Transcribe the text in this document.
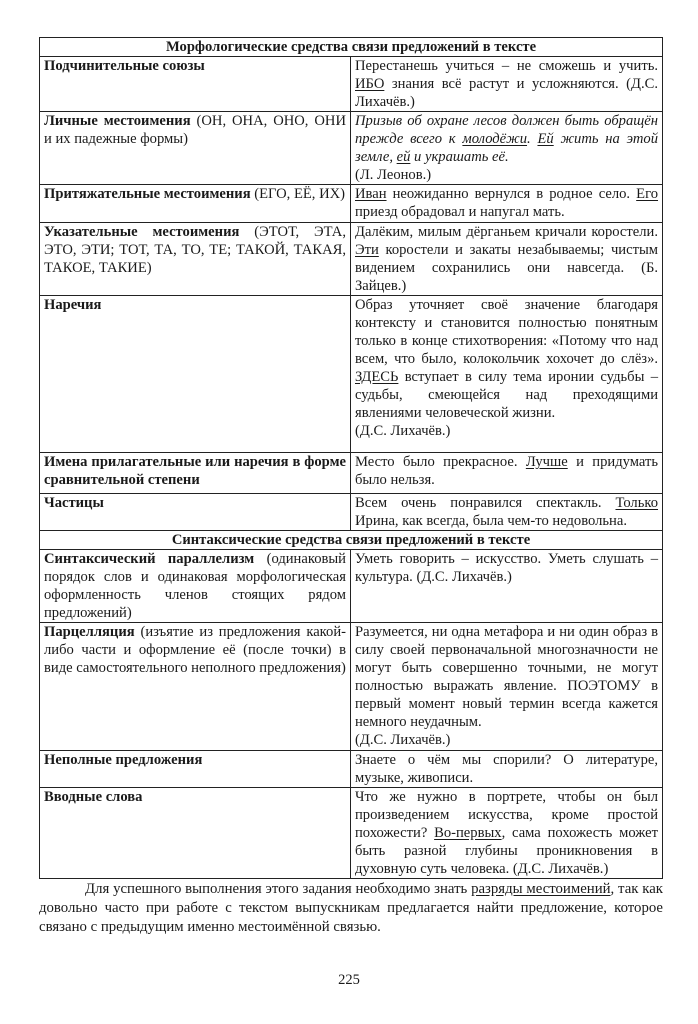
Морфологические средства связи предложений в тексте	
Подчинительные союзы	Перестанешь учиться – не сможешь и учить. ИБО знания всё растут и усложняются. (Д.С. Лихачёв.)
Личные местоимения (ОН, ОНА, ОНО, ОНИ и их падежные формы)	Призыв об охране лесов должен быть обращён прежде всего к молодёжи. Ей жить на этой земле, ей и украшать её.
(Л. Леонов.)
Притяжательные местоимения (ЕГО, ЕЁ, ИХ)	Иван неожиданно вернулся в родное село. Его приезд обрадовал и напугал мать.
Указательные местоимения (ЭТОТ, ЭТА, ЭТО, ЭТИ; ТОТ, ТА, ТО, ТЕ; ТАКОЙ, ТАКАЯ, ТАКОЕ, ТАКИЕ)	Далёким, милым дёрганьем кричали коростели. Эти коростели и закаты незабываемы; чистым видением сохранились они навсегда. (Б. Зайцев.)
Наречия	Образ уточняет своё значение благодаря контексту и становится полностью понятным только в конце стихотворения: «Потому что над всем, что было, колокольчик хохочет до слёз». ЗДЕСЬ вступает в силу тема иронии судьбы – судьбы, смеющейся над преходящими явлениями человеческой жизни.
(Д.С. Лихачёв.)
Имена прилагательные или наречия в форме сравнительной степени	Место было прекрасное. Лучше и придумать было нельзя.
Частицы	Всем очень понравился спектакль. Только Ирина, как всегда, была чем-то недовольна.
Синтаксические средства связи предложений в тексте	
Синтаксический параллелизм (одинаковый порядок слов и одинаковая морфологическая оформленность членов стоящих рядом предложений)	Уметь говорить – искусство. Уметь слушать – культура. (Д.С. Лихачёв.)
Парцелляция (изъятие из предложения какой-либо части и оформление её (после точки) в виде самостоятельного неполного предложения)	Разумеется, ни одна метафора и ни один образ в силу своей первоначальной многозначности не могут быть совершенно точными, не могут полностью выражать явление. ПОЭТОМУ в первый момент новый термин всегда кажется немного неудачным.
(Д.С. Лихачёв.)
Неполные предложения	Знаете о чём мы спорили? О литературе, музыке, живописи.
Вводные слова	Что же нужно в портрете, чтобы он был произведением искусства, кроме простой похожести? Во-первых, сама похожесть может быть разной глубины проникновения в духовную суть человека. (Д.С. Лихачёв.)
Для успешного выполнения этого задания необходимо знать разряды местоимений, так как довольно часто при работе с текстом выпускникам предлагается найти предложение, которое связано с предыдущим именно местоимённой связью.
225
